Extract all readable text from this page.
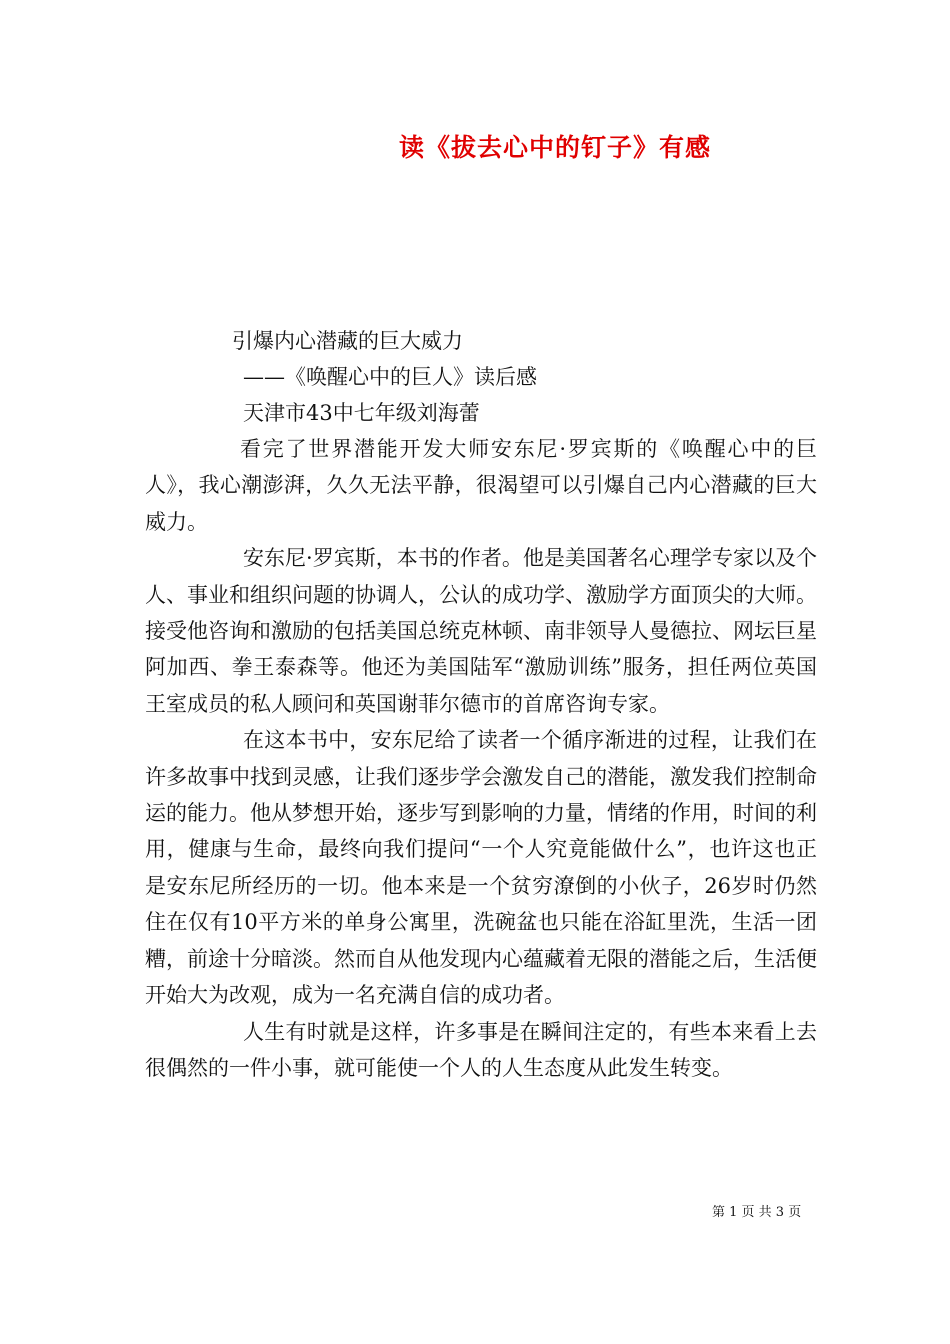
读《拔去心中的钉子》有感
引爆内心潜藏的巨大威力
——《唤醒心中的巨人》读后感
天津市43中七年级刘海蕾

看完了世界潜能开发大师安东尼·罗宾斯的《唤醒心中的巨人》，我心潮澎湃，久久无法平静，很渴望可以引爆自己内心潜藏的巨大威力。

安东尼·罗宾斯，本书的作者。他是美国著名心理学专家以及个人、事业和组织问题的协调人，公认的成功学、激励学方面顶尖的大师。接受他咨询和激励的包括美国总统克林顿、南非领导人曼德拉、网坛巨星阿加西、拳王泰森等。他还为美国陆军“激励训练”服务，担任两位英国王室成员的私人顾问和英国谢菲尔德市的首席咨询专家。

在这本书中，安东尼给了读者一个循序渐进的过程，让我们在许多故事中找到灵感，让我们逐步学会激发自己的潜能，激发我们控制命运的能力。他从梦想开始，逐步写到影响的力量，情绪的作用，时间的利用，健康与生命，最终向我们提问“一个人究竟能做什么”，也许这也正是安东尼所经历的一切。他本来是一个贫穷潦倒的小伙子，26岁时仍然住在仅有10平方米的单身公寓里，洗碗盆也只能在浴缸里洗，生活一团糟，前途十分暗淡。然而自从他发现内心蕴藏着无限的潜能之后，生活便开始大为改观，成为一名充满自信的成功者。

人生有时就是这样，许多事是在瞬间注定的，有些本来看上去很偶然的一件小事，就可能使一个人的人生态度从此发生转变。

第 1 页 共 3 页
